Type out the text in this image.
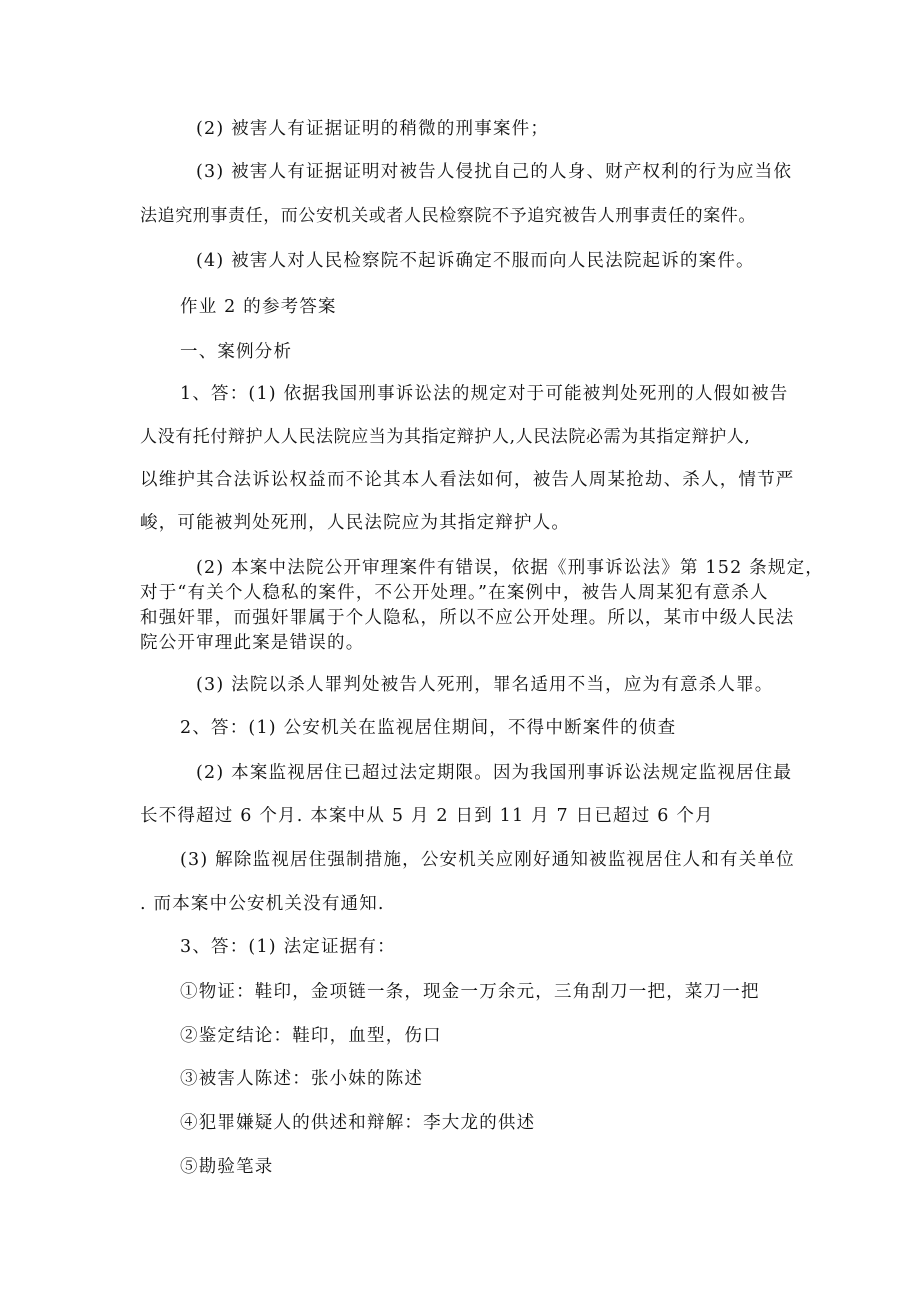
(2) 被害人有证据证明的稍微的刑事案件；

(3) 被害人有证据证明对被告人侵扰自己的人身、财产权利的行为应当依

法追究刑事责任，而公安机关或者人民检察院不予追究被告人刑事责任的案件。

(4) 被害人对人民检察院不起诉确定不服而向人民法院起诉的案件。

作业 2 的参考答案

一、案例分析

1、答：(1) 依据我国刑事诉讼法的规定对于可能被判处死刑的人假如被告

人没有托付辩护人人民法院应当为其指定辩护人,人民法院必需为其指定辩护人,

以维护其合法诉讼权益而不论其本人看法如何，被告人周某抢劫、杀人，情节严

峻，可能被判处死刑，人民法院应为其指定辩护人。

(2) 本案中法院公开审理案件有错误，依据《刑事诉讼法》第 152 条规定，

对于“有关个人稳私的案件，不公开处理。”在案例中，被告人周某犯有意杀人

和强奸罪，而强奸罪属于个人隐私，所以不应公开处理。所以，某市中级人民法

院公开审理此案是错误的。

(3) 法院以杀人罪判处被告人死刑，罪名适用不当，应为有意杀人罪。

2、答：(1) 公安机关在监视居住期间，不得中断案件的侦查

(2) 本案监视居住已超过法定期限。因为我国刑事诉讼法规定监视居住最

长不得超过 6 个月. 本案中从 5 月 2 日到 11 月 7 日已超过 6 个月

(3) 解除监视居住强制措施，公安机关应刚好通知被监视居住人和有关单位

. 而本案中公安机关没有通知.

3、答：(1) 法定证据有：

①物证：鞋印，金项链一条，现金一万余元，三角刮刀一把，菜刀一把

②鉴定结论：鞋印，血型，伤口

③被害人陈述：张小妹的陈述

④犯罪嫌疑人的供述和辩解：李大龙的供述

⑤勘验笔录
